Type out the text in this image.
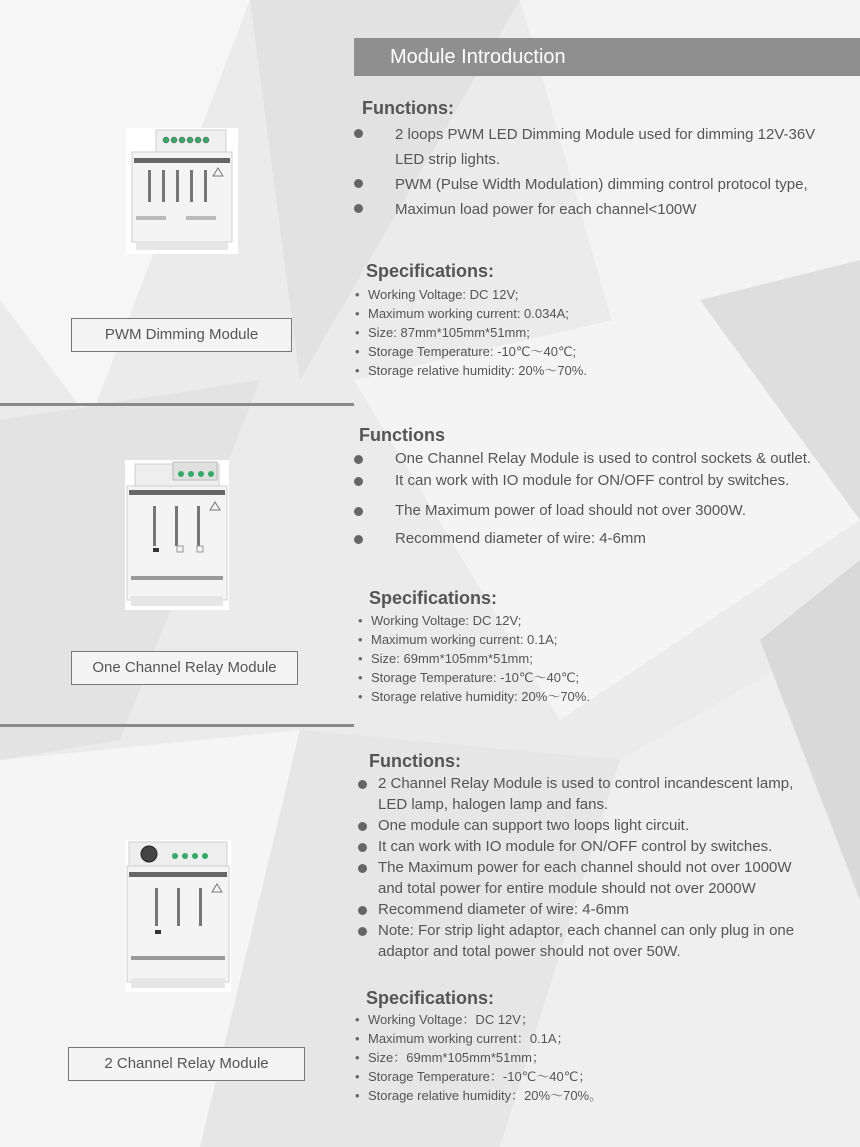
Module Introduction
PWM Dimming Module
Functions:
2 loops PWM LED Dimming Module used for dimming 12V-36V LED strip lights.
PWM (Pulse Width Modulation) dimming control protocol type,
Maximun load power for each channel<100W
Specifications:
• Working Voltage: DC 12V;
• Maximum working current: 0.034A;
• Size: 87mm*105mm*51mm;
• Storage Temperature: -10℃～40℃;
• Storage relative humidity: 20%～70%.
One Channel Relay Module
Functions
One Channel Relay Module is used to control sockets & outlet.
It can work with IO module for ON/OFF control by switches.
The Maximum power of load should not over 3000W.
Recommend diameter of wire: 4-6mm
Specifications:
• Working Voltage: DC 12V;
• Maximum working current: 0.1A;
• Size: 69mm*105mm*51mm;
• Storage Temperature: -10℃～40℃;
• Storage relative humidity: 20%～70%.
2 Channel Relay Module
Functions:
2 Channel Relay Module is used to control incandescent lamp, LED lamp, halogen lamp and fans.
One module can support two loops light circuit.
It can work with IO module for ON/OFF control by switches.
The Maximum power for each channel should not over 1000W and total power for entire module should not over 2000W
Recommend diameter of wire: 4-6mm
Note: For strip light adaptor, each channel can only plug in one adaptor and total power should not over 50W.
Specifications:
• Working Voltage：DC 12V；
• Maximum working current：0.1A；
• Size：69mm*105mm*51mm；
• Storage Temperature：-10℃～40℃；
• Storage relative humidity：20%～70%。
